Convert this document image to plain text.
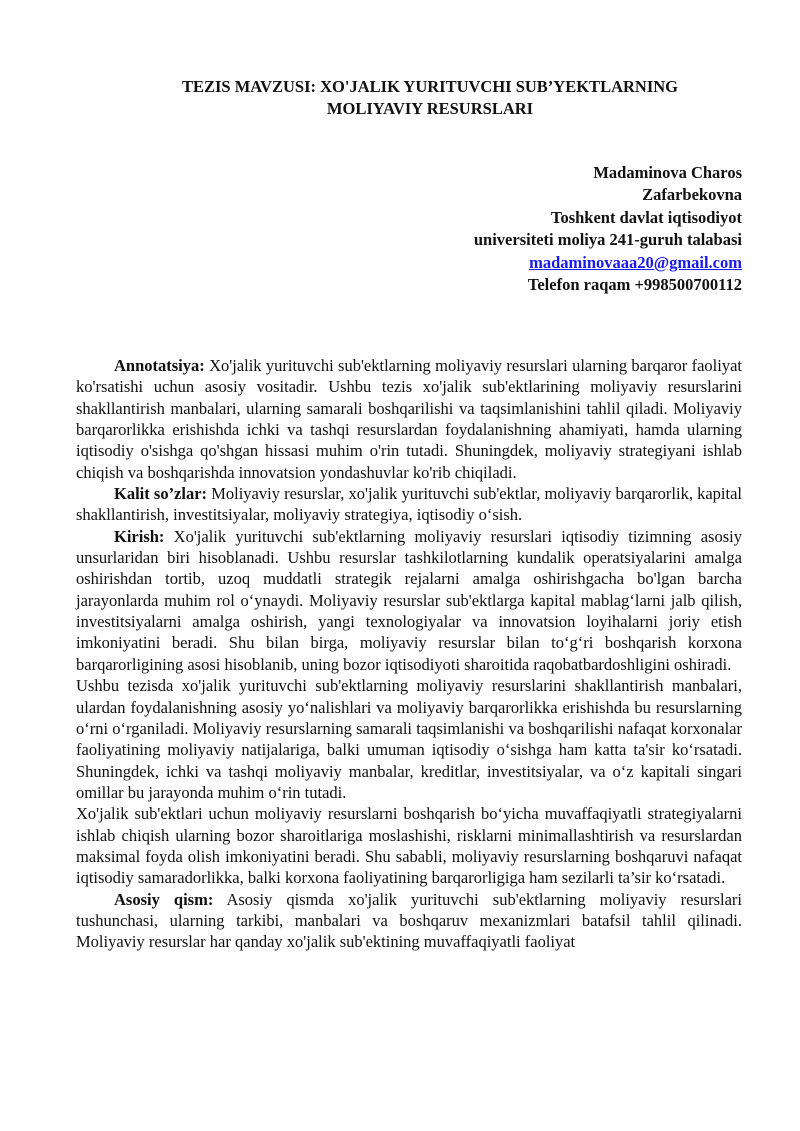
TEZIS MAVZUSI: XO'JALIK YURITUVCHI SUB’YEKTLARNING
MOLIYAVIY RESURSLARI
Madaminova Charos
Zafarbekovna
Toshkent davlat iqtisodiyot
universiteti moliya 241-guruh talabasi
madaminovaaa20@gmail.com
Telefon raqam +998500700112

Annotatsiya: Xo'jalik yurituvchi sub'ektlarning moliyaviy resurslari ularning barqaror faoliyat ko'rsatishi uchun asosiy vositadir. Ushbu tezis xo'jalik sub'ektlarining moliyaviy resurslarini shakllantirish manbalari, ularning samarali boshqarilishi va taqsimlanishini tahlil qiladi. Moliyaviy barqarorlikka erishishda ichki va tashqi resurslardan foydalanishning ahamiyati, hamda ularning iqtisodiy o'sishga qo'shgan hissasi muhim o'rin tutadi. Shuningdek, moliyaviy strategiyani ishlab chiqish va boshqarishda innovatsion yondashuvlar ko'rib chiqiladi.

Kalit so’zlar: Moliyaviy resurslar, xo'jalik yurituvchi sub'ektlar, moliyaviy barqarorlik, kapital shakllantirish, investitsiyalar, moliyaviy strategiya, iqtisodiy o‘sish.

Kirish: Xo'jalik yurituvchi sub'ektlarning moliyaviy resurslari iqtisodiy tizimning asosiy unsurlaridan biri hisoblanadi. Ushbu resurslar tashkilotlarning kundalik operatsiyalarini amalga oshirishdan tortib, uzoq muddatli strategik rejalarni amalga oshirishgacha bo'lgan barcha jarayonlarda muhim rol o‘ynaydi. Moliyaviy resurslar sub'ektlarga kapital mablag‘larni jalb qilish, investitsiyalarni amalga oshirish, yangi texnologiyalar va innovatsion loyihalarni joriy etish imkoniyatini beradi. Shu bilan birga, moliyaviy resurslar bilan to‘g‘ri boshqarish korxona barqarorligining asosi hisoblanib, uning bozor iqtisodiyoti sharoitida raqobatbardoshligini oshiradi.

Ushbu tezisda xo'jalik yurituvchi sub'ektlarning moliyaviy resurslarini shakllantirish manbalari, ulardan foydalanishning asosiy yo‘nalishlari va moliyaviy barqarorlikka erishishda bu resurslarning o‘rni o‘rganiladi. Moliyaviy resurslarning samarali taqsimlanishi va boshqarilishi nafaqat korxonalar faoliyatining moliyaviy natijalariga, balki umuman iqtisodiy o‘sishga ham katta ta'sir ko‘rsatadi. Shuningdek, ichki va tashqi moliyaviy manbalar, kreditlar, investitsiyalar, va o‘z kapitali singari omillar bu jarayonda muhim o‘rin tutadi.

Xo'jalik sub'ektlari uchun moliyaviy resurslarni boshqarish bo‘yicha muvaffaqiyatli strategiyalarni ishlab chiqish ularning bozor sharoitlariga moslashishi, risklarni minimallashtirish va resurslardan maksimal foyda olish imkoniyatini beradi. Shu sababli, moliyaviy resurslarning boshqaruvi nafaqat iqtisodiy samaradorlikka, balki korxona faoliyatining barqarorligiga ham sezilarli ta’sir ko‘rsatadi.

Asosiy qism: Asosiy qismda xo'jalik yurituvchi sub'ektlarning moliyaviy resurslari tushunchasi, ularning tarkibi, manbalari va boshqaruv mexanizmlari batafsil tahlil qilinadi. Moliyaviy resurslar har qanday xo'jalik sub'ektining muvaffaqiyatli faoliyat
